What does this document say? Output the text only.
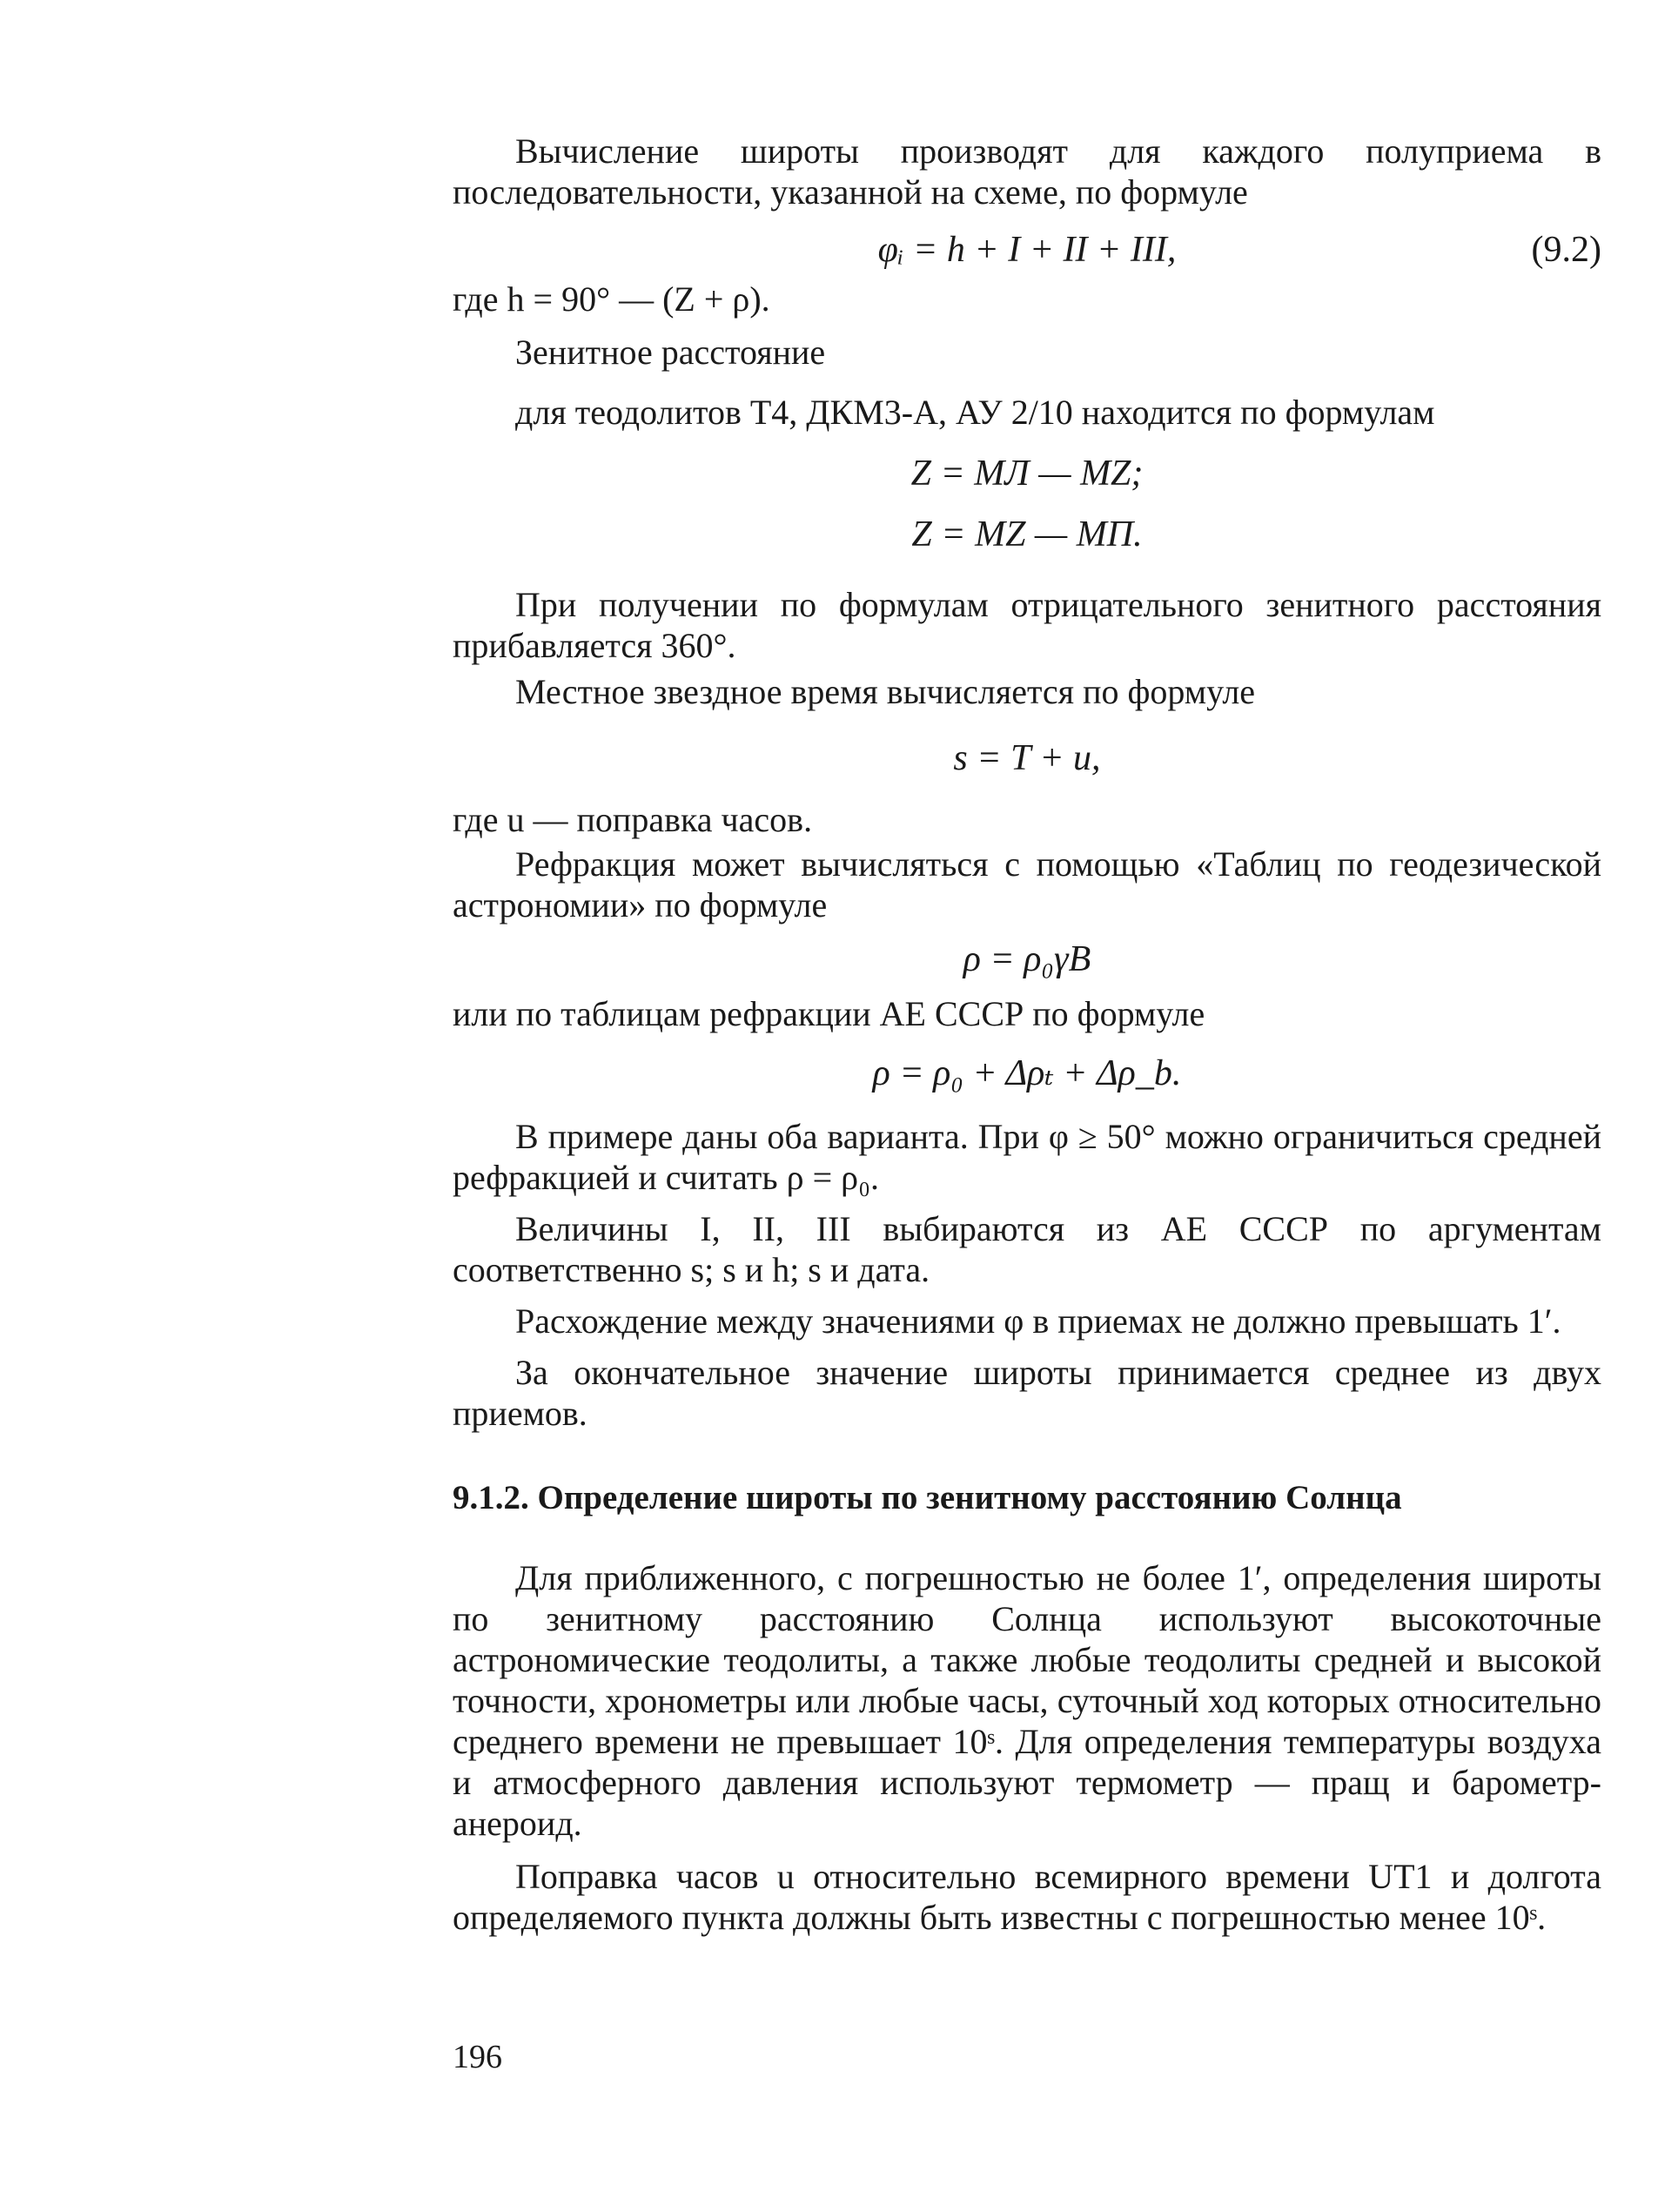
Вычисление широты производят для каждого полуприема в последовательности, указанной на схеме, по формуле

φᵢ = h + I + II + III,	(9.2)

где h = 90° — (Z + ρ).

Зенитное расстояние

для теодолитов Т4, ДКМ3-А, АУ 2/10 находится по формулам

Z = МЛ — MZ;

Z = MZ — МП.

При получении по формулам отрицательного зенитного расстояния прибавляется 360°.

Местное звездное время вычисляется по формуле

s = T + u,

где u — поправка часов.

Рефракция может вычисляться с помощью «Таблиц по геодезической астрономии» по формуле

ρ = ρ₀γB

или по таблицам рефракции АЕ СССР по формуле

ρ = ρ₀ + Δρₜ + Δρ_b.

В примере даны оба варианта. При φ ≥ 50° можно ограничиться средней рефракцией и считать ρ = ρ₀.

Величины I, II, III выбираются из АЕ СССР по аргументам соответственно s; s и h; s и дата.

Расхождение между значениями φ в приемах не должно превышать 1′.

За окончательное значение широты принимается среднее из двух приемов.

9.1.2. Определение широты по зенитному расстоянию Солнца

Для приближенного, с погрешностью не более 1′, определения широты по зенитному расстоянию Солнца используют высокоточные астрономические теодолиты, а также любые теодолиты средней и высокой точности, хронометры или любые часы, суточный ход которых относительно среднего времени не превышает 10ˢ. Для определения температуры воздуха и атмосферного давления используют термометр — пращ и барометр-анероид.

Поправка часов u относительно всемирного времени UT1 и долгота определяемого пункта должны быть известны с погрешностью менее 10ˢ.

196
